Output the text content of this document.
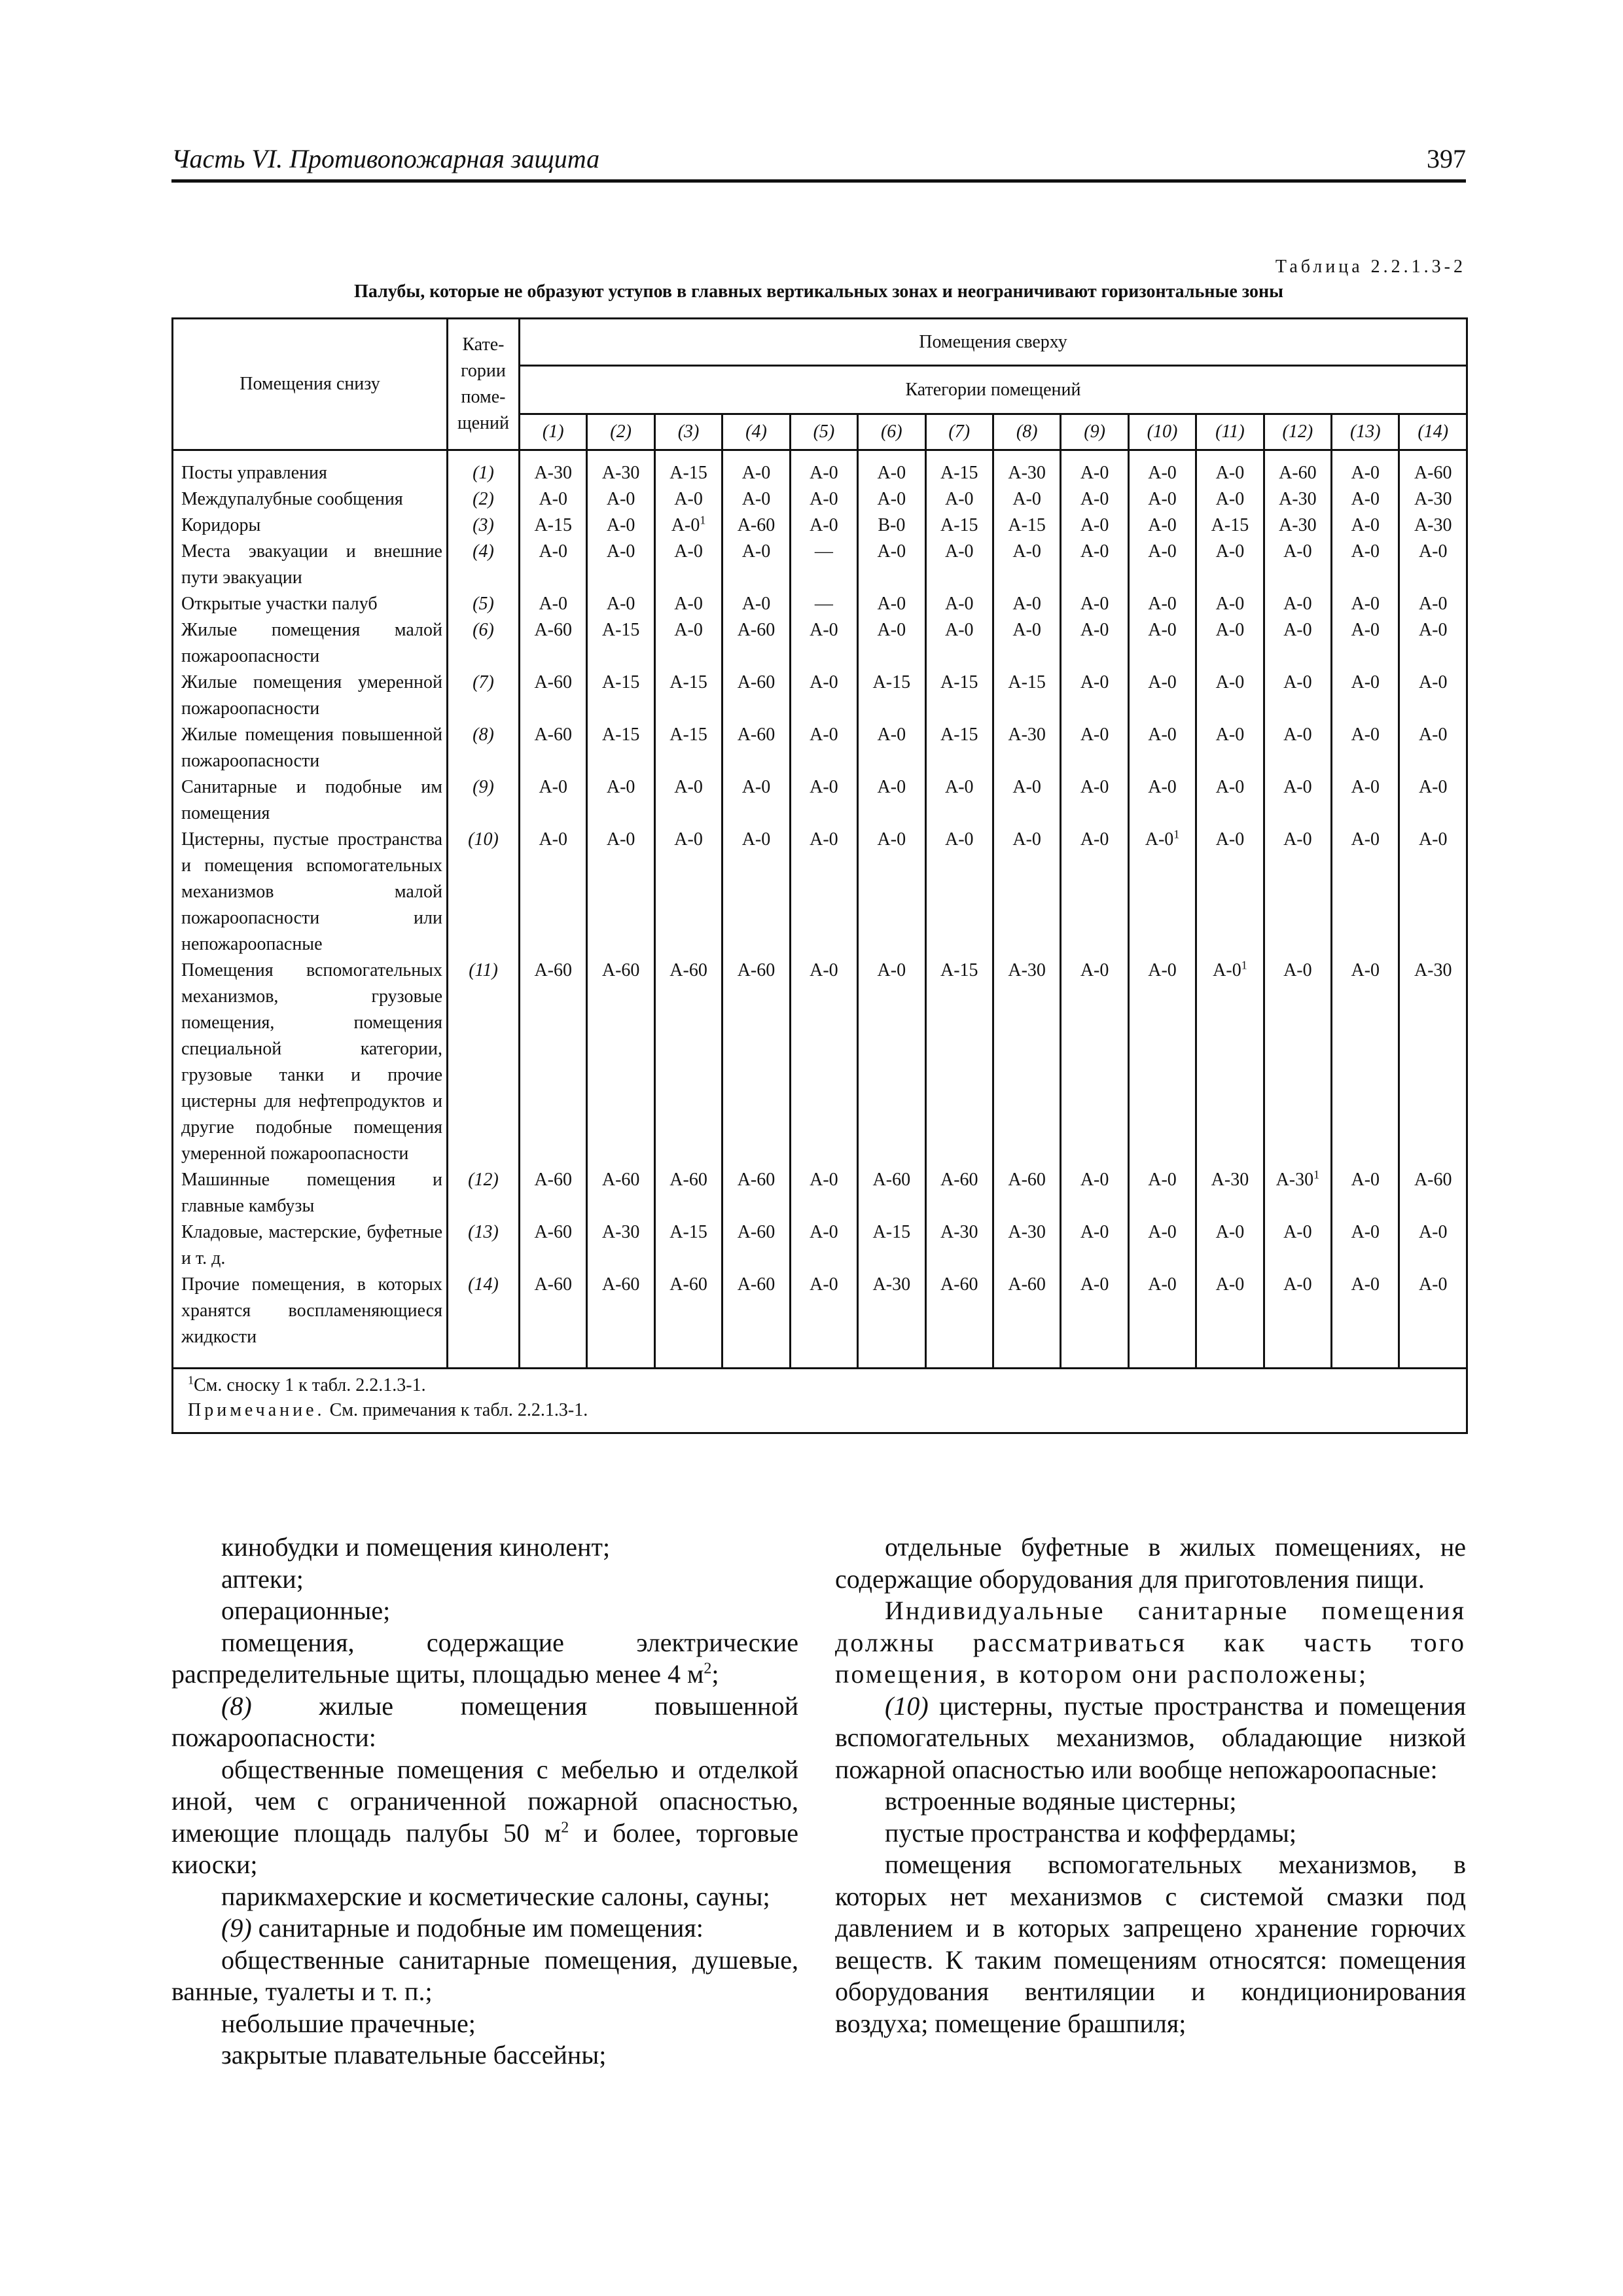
Часть VI. Противопожарная защита	397
Таблица 2.2.1.3-2
Палубы, которые не образуют уступов в главных вертикальных зонах и неограничивают горизонтальные зоны
Помещения снизу	Кате-
гории
поме-
щений	Помещения сверху													
		Категории помещений													
		(1)	(2)	(3)	(4)	(5)	(6)	(7)	(8)	(9)	(10)	(11)	(12)	(13)	(14)
Посты управления	(1)	A-30	A-30	A-15	A-0	A-0	A-0	A-15	A-30	A-0	A-0	A-0	A-60	A-0	A-60
Междупалубные сообщения	(2)	A-0	A-0	A-0	A-0	A-0	A-0	A-0	A-0	A-0	A-0	A-0	A-30	A-0	A-30
Коридоры	(3)	A-15	A-0	A-0$^1$	A-60	A-0	B-0	A-15	A-15	A-0	A-0	A-15	A-30	A-0	A-30
Места эвакуации и внешние пути эвакуации	(4)	A-0	A-0	A-0	A-0	—	A-0	A-0	A-0	A-0	A-0	A-0	A-0	A-0	A-0
Открытые участки палуб	(5)	A-0	A-0	A-0	A-0	—	A-0	A-0	A-0	A-0	A-0	A-0	A-0	A-0	A-0
Жилые помещения малой пожароопасности	(6)	A-60	A-15	A-0	A-60	A-0	A-0	A-0	A-0	A-0	A-0	A-0	A-0	A-0	A-0
Жилые помещения умеренной пожароопасности	(7)	A-60	A-15	A-15	A-60	A-0	A-15	A-15	A-15	A-0	A-0	A-0	A-0	A-0	A-0
Жилые помещения повышенной пожароопасности	(8)	A-60	A-15	A-15	A-60	A-0	A-0	A-15	A-30	A-0	A-0	A-0	A-0	A-0	A-0
Санитарные и подобные им помещения	(9)	A-0	A-0	A-0	A-0	A-0	A-0	A-0	A-0	A-0	A-0	A-0	A-0	A-0	A-0
Цистерны, пустые пространства и помещения вспомогательных механизмов малой пожароопасности или непожароопасные	(10)	A-0	A-0	A-0	A-0	A-0	A-0	A-0	A-0	A-0	A-0$^1$	A-0	A-0	A-0	A-0
Помещения вспомогательных механизмов, грузовые помещения, помещения специальной категории, грузовые танки и прочие цистерны для нефтепродуктов и другие подобные помещения умеренной пожароопасности	(11)	A-60	A-60	A-60	A-60	A-0	A-0	A-15	A-30	A-0	A-0	A-0$^1$	A-0	A-0	A-30
Машинные помещения и главные камбузы	(12)	A-60	A-60	A-60	A-60	A-0	A-60	A-60	A-60	A-0	A-0	A-30	A-30$^1$	A-0	A-60
Кладовые, мастерские, буфетные и т. д.	(13)	A-60	A-30	A-15	A-60	A-0	A-15	A-30	A-30	A-0	A-0	A-0	A-0	A-0	A-0
Прочие помещения, в которых хранятся воспламеняющиеся жидкости	(14)	A-60	A-60	A-60	A-60	A-0	A-30	A-60	A-60	A-0	A-0	A-0	A-0	A-0	A-0

$^1$См. сноску 1 к табл. 2.2.1.3-1.
Примечание. См. примечания к табл. 2.2.1.3-1.															

кинобудки и помещения кинолент;

аптеки;

операционные;

помещения, содержащие электрические распределительные щиты, площадью менее 4 $м^2$;

(8) жилые помещения повышенной пожароопасности:

общественные помещения с мебелью и отделкой иной, чем с ограниченной пожарной опасностью, имеющие площадь палубы 50 $м^2$ и более, торговые киоски;

парикмахерские и косметические салоны, сауны;

(9) санитарные и подобные им помещения:

общественные санитарные помещения, душевые, ванные, туалеты и т. п.;

небольшие прачечные;

закрытые плавательные бассейны;

отдельные буфетные в жилых помещениях, не содержащие оборудования для приготовления пищи.

Индивидуальные санитарные помещения должны рассматриваться как часть того помещения, в котором они расположены;

(10) цистерны, пустые пространства и помещения вспомогательных механизмов, обладающие низкой пожарной опасностью или вообще непожароопасные:

встроенные водяные цистерны;

пустые пространства и коффердамы;

помещения вспомогательных механизмов, в которых нет механизмов с системой смазки под давлением и в которых запрещено хранение горючих веществ. К таким помещениям относятся: помещения оборудования вентиляции и кондиционирования воздуха; помещение брашпиля;
